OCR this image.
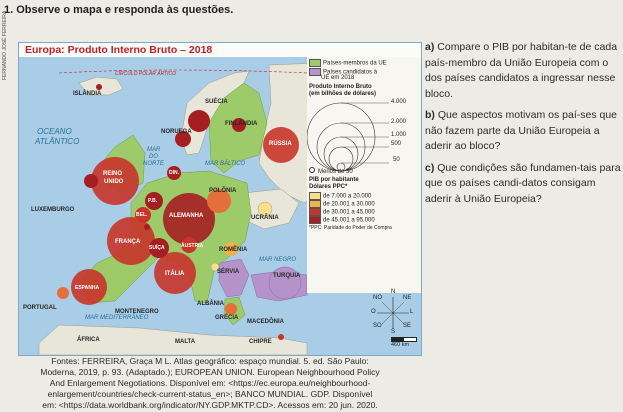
1. Observe o mapa e responda às questões.
FERNANDO JOSÉ FERREIRA Europa: Produto Interno Bruto – 2018
ISLÂNDIA
CÍRCULO POLAR ÁRTICO
OCEANO
ATLÂNTICO
MAR
DO
NORTE	MAR BÁLTICO
NORUEGA
SUÉCIA
FINLÂNDIA
RÚSSIA
REINO
UNIDO
DIN.
POLÔNIA
P.B.
LUXEMBURGO
BEL.	ALEMANHA	UCRÂNIA
FRANÇA
SUÍÇA	ÁUSTRIA
ROMÊNIA
ESPANHA
ITÁLIA	SÉRVIA
MAR NEGRO
TURQUIA
PORTUGAL
MONTENEGRO
ALBÂNIA
GRÉCIA
MACEDÔNIA
MAR MEDITERRÂNEO
ÁFRICA	MALTA	CHIPRE
Países-membros da UE
Países candidatos à
UE em 2018
Produto Interno Bruto
(em bilhões de dólares)
4.000
2.000
1.000
500
50
Menos de 30
PIB por habitante
Dólares PPC*
de 7.000 a 20.000
de 20.001 a 30.000
de 30.001 a 45.000
de 45.001 a 95.000
*PPC: Paridade do Poder de Compra
N
NO	NE
O	L
SO	SE
S
460 km
Fontes: FERREIRA, Graça M L. Atlas geográfico: espaço mundial. 5. ed. São Paulo:
Moderna, 2019, p. 93. (Adaptado.); EUROPEAN UNION. European Neighbourhood Policy
And Enlargement Negotiations. Disponível em: <https://ec.europa.eu/neighbourhood-
enlargement/countries/check-current-status_en>; BANCO MUNDIAL. GDP. Disponível
em: <https://data.worldbank.org/indicator/NY.GDP.MKTP.CD>. Acessos em: 20 jun. 2020.
a) Compare o PIB por habitan-te de cada país-membro da União Europeia com o dos países candidatos a ingressar nesse bloco.
b) Que aspectos motivam os paí-ses que não fazem parte da União Europeia a aderir ao bloco?
c) Que condições são fundamen-tais para que os países candi-datos consigam aderir à União Europeia?
